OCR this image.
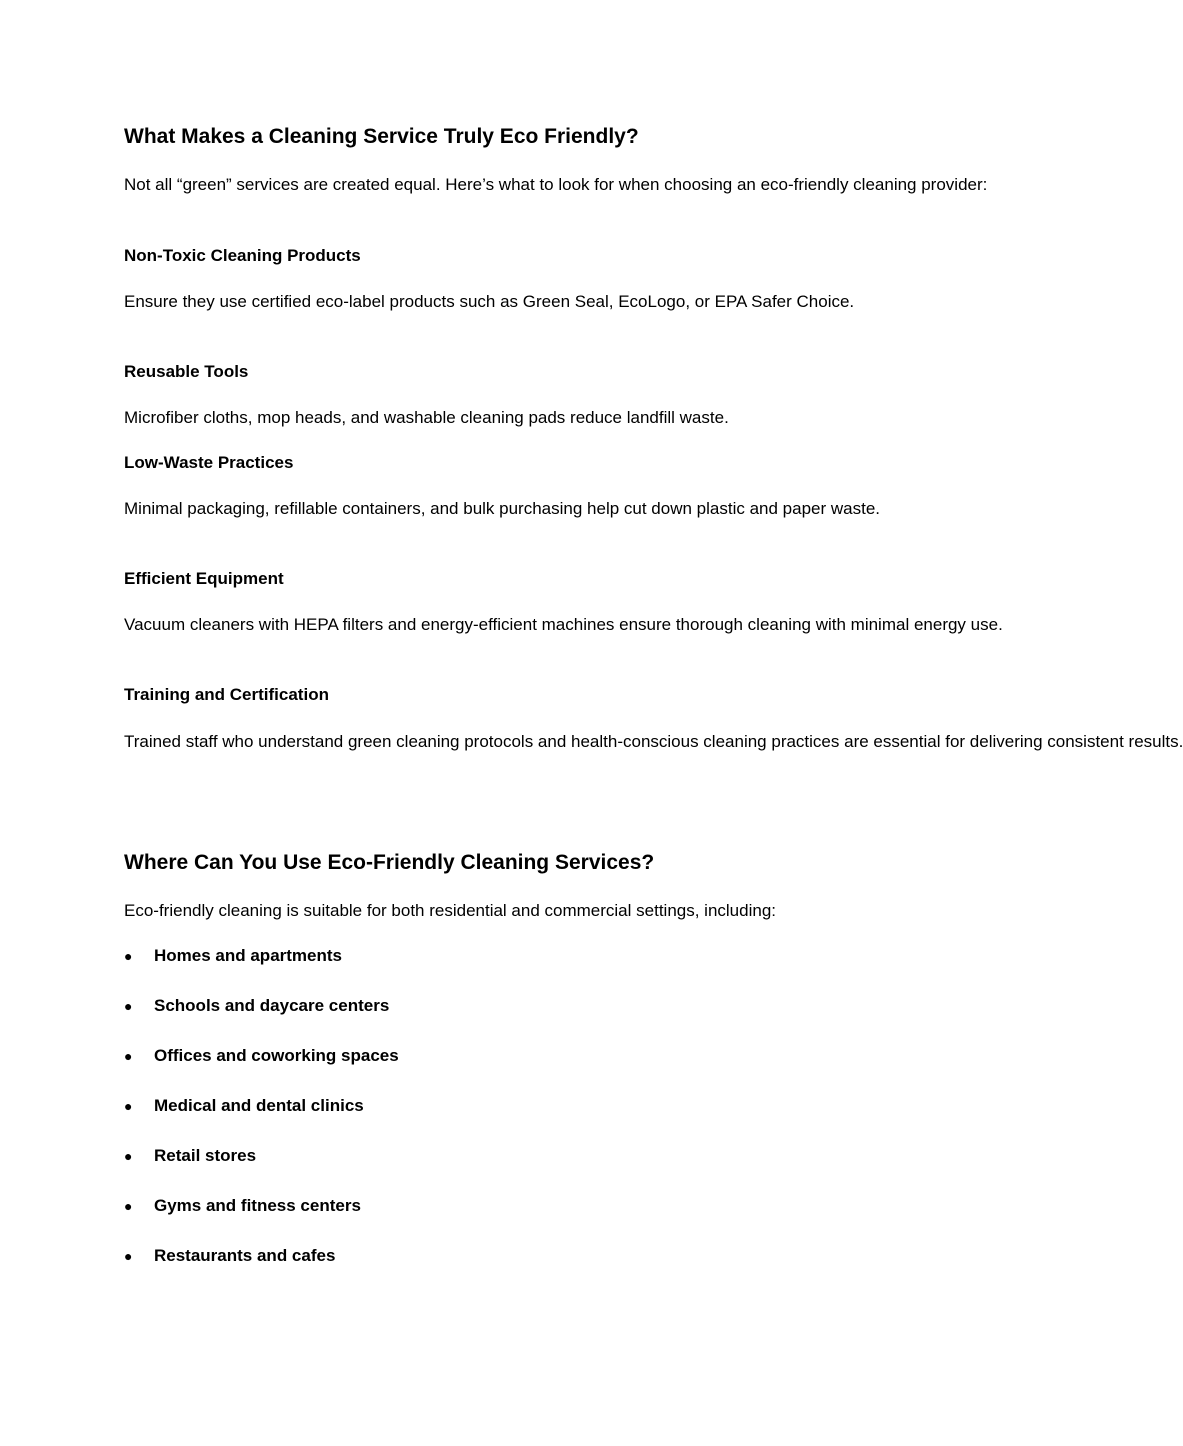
What Makes a Cleaning Service Truly Eco Friendly?

Not all “green” services are created equal. Here’s what to look for when choosing an eco-friendly cleaning provider:

Non-Toxic Cleaning Products

Ensure they use certified eco-label products such as Green Seal, EcoLogo, or EPA Safer Choice.

Reusable Tools

Microfiber cloths, mop heads, and washable cleaning pads reduce landfill waste.

Low-Waste Practices

Minimal packaging, refillable containers, and bulk purchasing help cut down plastic and paper waste.

Efficient Equipment

Vacuum cleaners with HEPA filters and energy-efficient machines ensure thorough cleaning with minimal energy use.

Training and Certification

Trained staff who understand green cleaning protocols and health-conscious cleaning practices are essential for delivering consistent results.

Where Can You Use Eco-Friendly Cleaning Services?

Eco-friendly cleaning is suitable for both residential and commercial settings, including:

●	Homes and apartments
●	Schools and daycare centers
●	Offices and coworking spaces
●	Medical and dental clinics
●	Retail stores
●	Gyms and fitness centers
●	Restaurants and cafes
